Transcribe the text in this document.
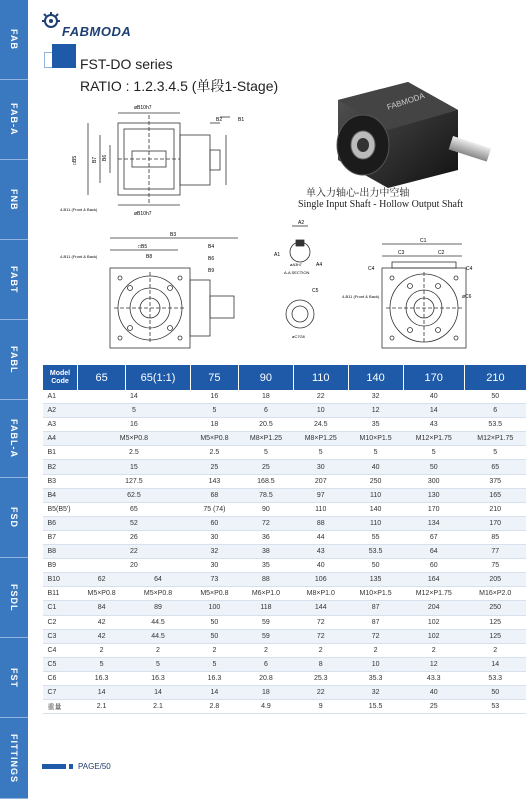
FAB
FAB-A
FNB
FABT
FABL
FABL-A
FSD
FSDL
FST
FITTINGS
FABMODA
FST-DO series
RATIO : 1.2.3.4.5 (单段1-Stage)
FABMODA
单入力轴心-出力中空轴
Single Input Shaft - Hollow Output Shaft
øB10h7
øB10h7
□B5	B7 B6
4-B11 (Front & Back)
B2	B1
B3
B4
□B5
B6
B8
B9
4-B11 (Front & Back)
A2
A1
øA3h7	A4
A-A SECTION
C5
øC7G6
C1
C3	C2
C4	C4
øC6
4-B11 (Front & Back)
Model Code	65	65(1:1)	75	90	110	140	170	210
A1	14		16	18	22	32	40	50
A2	5		5	6	10	12	14	6
A3	16		18	20.5	24.5	35	43	53.5
A4	M5×P0.8		M5×P0.8	M8×P1.25	M8×P1.25	M10×P1.5	M12×P1.75	M12×P1.75
B1	2.5		2.5	5	5	5	5	5
B2	15		25	25	30	40	50	65
B3	127.5		143	168.5	207	250	300	375
B4	62.5		68	78.5	97	110	130	165
B5(B5')	65		75 (74)	90	110	140	170	210
B6	52		60	72	88	110	134	170
B7	26		30	36	44	55	67	85
B8	22		32	38	43	53.5	64	77
B9	20		30	35	40	50	60	75
B10	62	64	73	88	106	135	164	205
B11	M5×P0.8	M5×P0.8	M5×P0.8	M6×P1.0	M8×P1.0	M10×P1.5	M12×P1.75	M16×P2.0
C1	84	89	100	118	144	87	204	250
C2	42	44.5	50	59	72	87	102	125
C3	42	44.5	50	59	72	72	102	125
C4	2	2	2	2	2	2	2	2
C5	5	5	5	6	8	10	12	14
C6	16.3	16.3	16.3	20.8	25.3	35.3	43.3	53.3
C7	14	14	14	18	22	32	40	50
重量	2.1	2.1	2.8	4.9	9	15.5	25	53
PAGE/50
